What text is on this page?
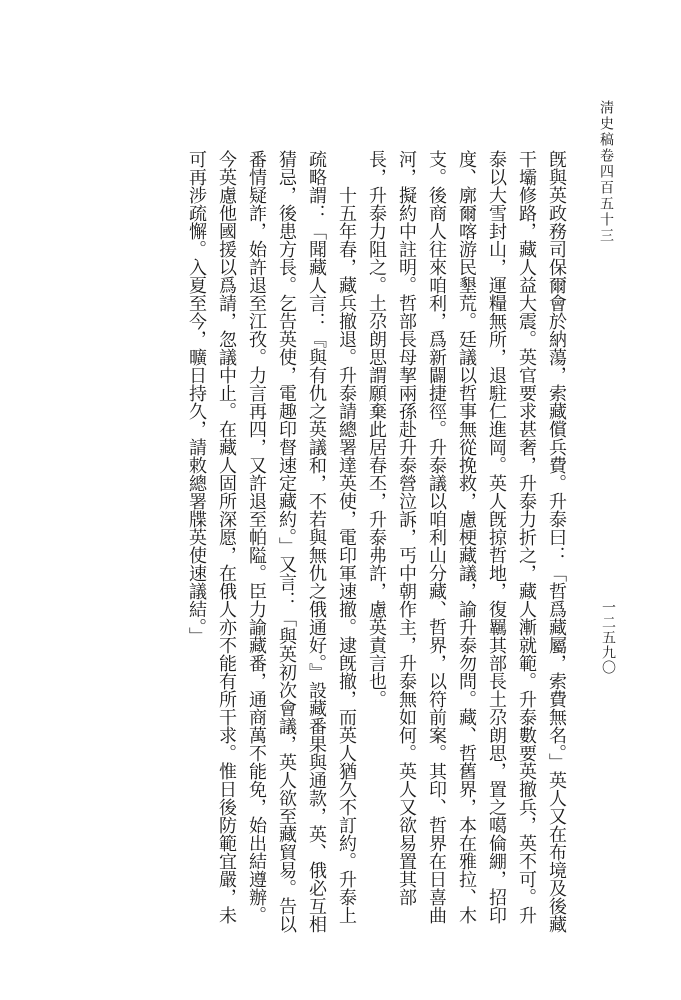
淸史稿卷四百五十三
一二五九〇

旣與英政務司保爾會於納蕩，索藏償兵費。升泰曰：「哲爲藏屬，索費無名。」英人又在布境及後藏干壩修路，藏人益大震。英官要求甚奢，升泰力折之，藏人漸就範。升泰數要英撤兵，英不可。升泰以大雪封山，運糧無所，退駐仁進岡。英人旣掠哲地，復羈其部長土尕朗思，置之噶倫綳，招印度、廓爾喀游民墾荒。廷議以哲事無從挽救，慮梗藏議，諭升泰勿問。藏、哲舊界，本在雅拉、木支。後商人往來咱利，爲新闢捷徑。升泰議以咱利山分藏、哲界，以符前案。其印、哲界在日喜曲河，擬約中註明。哲部長母挈兩孫赴升泰營泣訴，丐中朝作主，升泰無如何。英人又欲易置其部長，升泰力阻之。土尕朗思謂願棄此居春丕，升泰弗許，慮英責言也。

十五年春，藏兵撤退。升泰請總署達英使，電印軍速撤。逮旣撤，而英人猶久不訂約。升泰上疏略謂：「聞藏人言：『與有仇之英議和，不若與無仇之俄通好。』設藏番果與通款，英、俄必互相猜忌，後患方長。乞告英使，電趣印督速定藏約。」又言：「與英初次會議，英人欲至藏貿易。告以番情疑詐，始許退至江孜。力言再四，又許退至帕隘。臣力諭藏番，通商萬不能免，始出結遵辦。今英慮他國援以爲請，忽議中止。在藏人固所深愿，在俄人亦不能有所干求。惟日後防範宜嚴，未可再涉疏懈。入夏至今，曠日持久，請敕總署牒英使速議結。」
